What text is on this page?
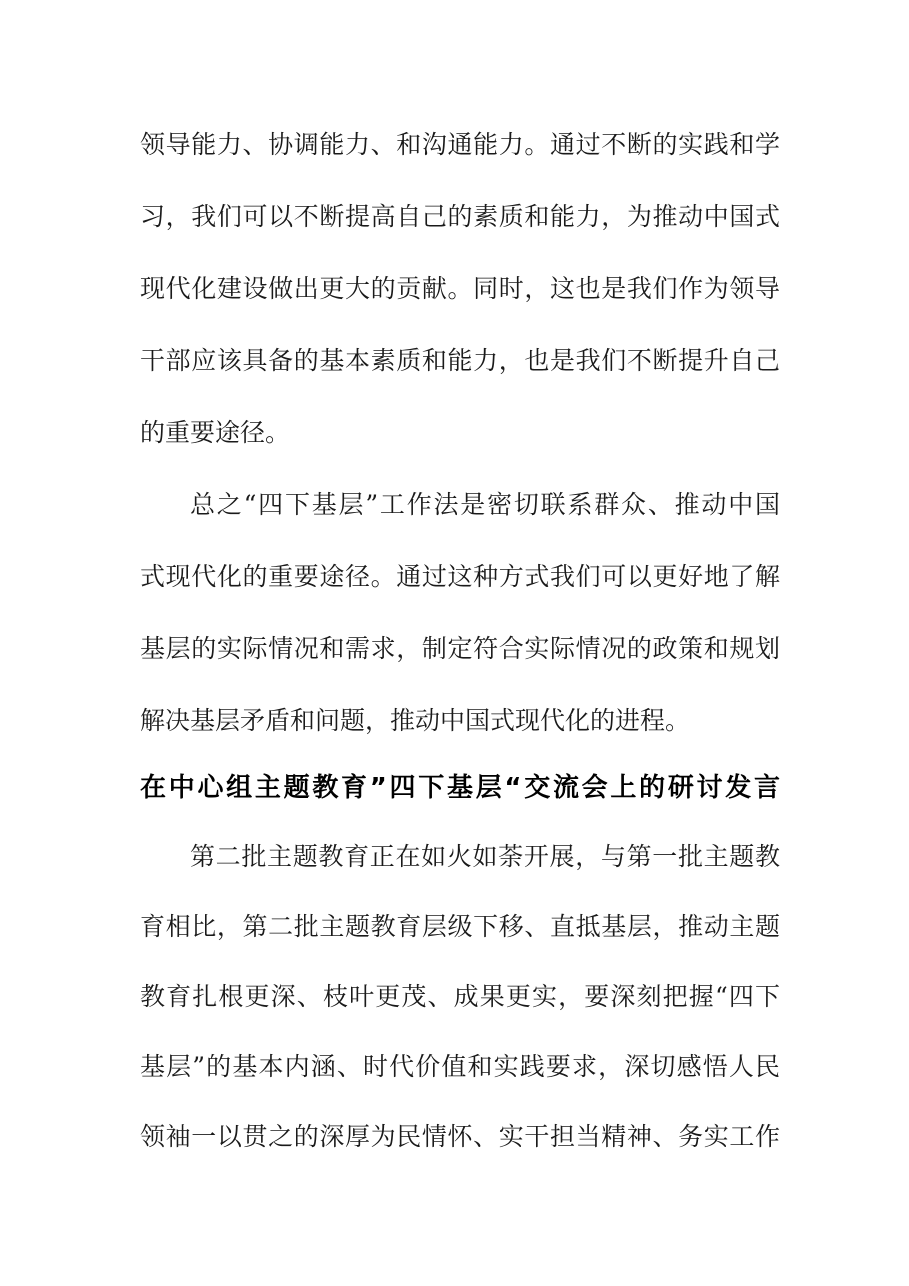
领导能力、协调能力、和沟通能力。通过不断的实践和学
习，我们可以不断提高自己的素质和能力，为推动中国式
现代化建设做出更大的贡献。同时，这也是我们作为领导
干部应该具备的基本素质和能力，也是我们不断提升自己
的重要途径。
总之“四下基层”工作法是密切联系群众、推动中国
式现代化的重要途径。通过这种方式我们可以更好地了解
基层的实际情况和需求，制定符合实际情况的政策和规划
解决基层矛盾和问题，推动中国式现代化的进程。
在中心组主题教育”四下基层“交流会上的研讨发言
第二批主题教育正在如火如荼开展，与第一批主题教
育相比，第二批主题教育层级下移、直抵基层，推动主题
教育扎根更深、枝叶更茂、成果更实，要深刻把握“四下
基层”的基本内涵、时代价值和实践要求，深切感悟人民
领袖一以贯之的深厚为民情怀、实干担当精神、务实工作
